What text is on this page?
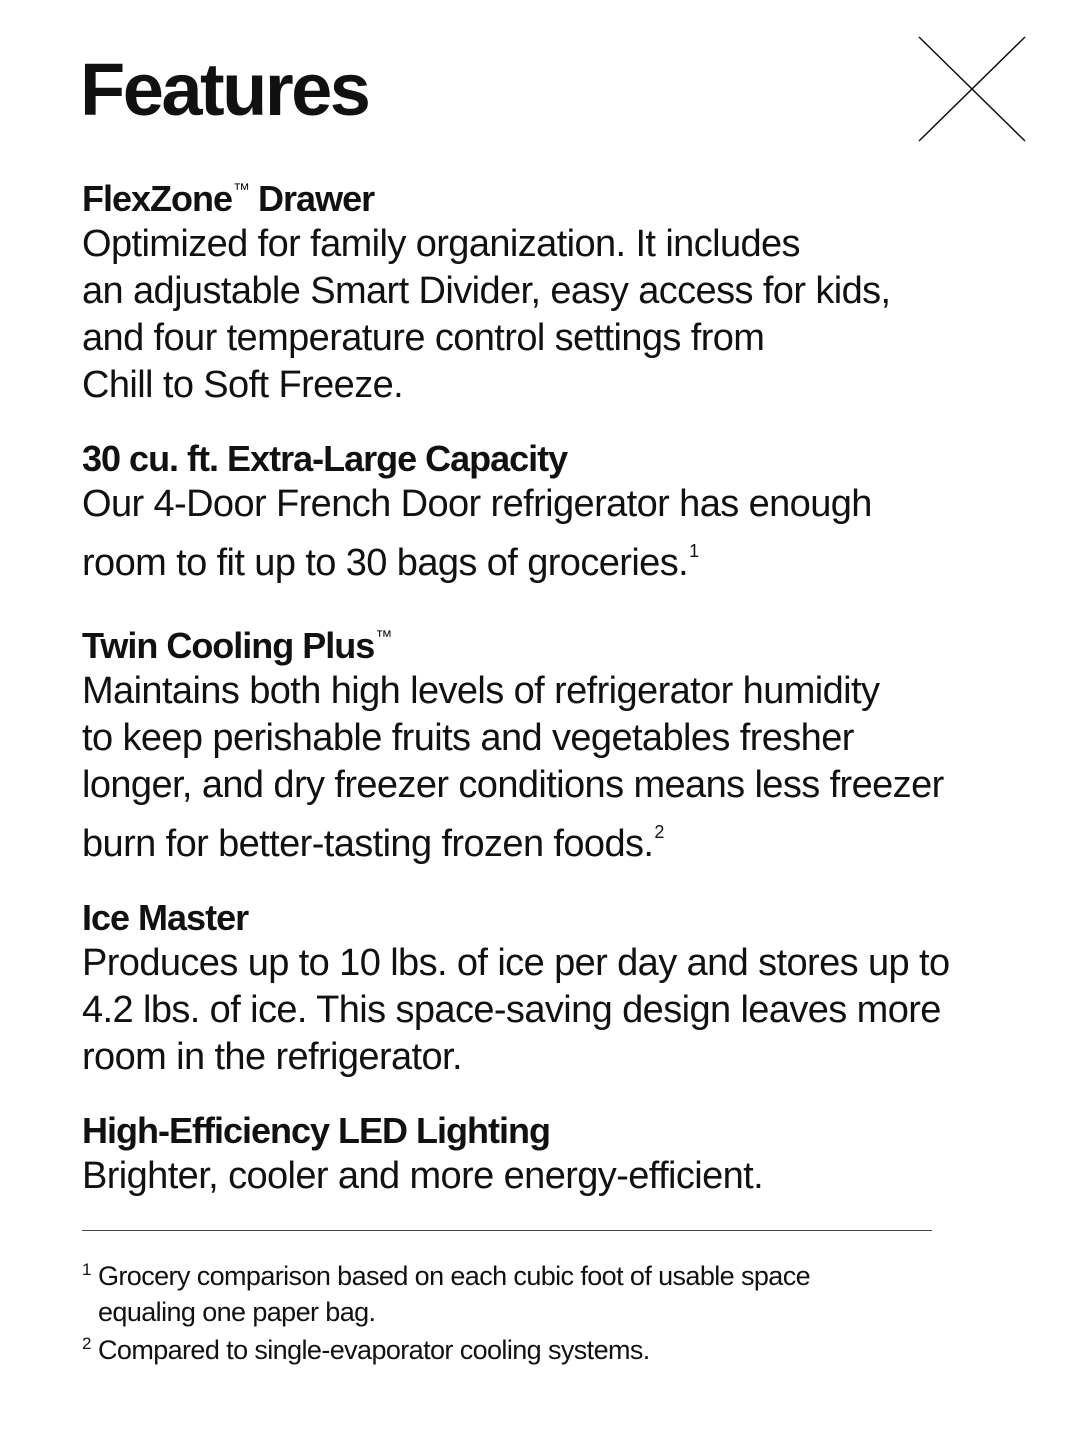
Features
FlexZone™ Drawer

Optimized for family organization. It includes
an adjustable Smart Divider, easy access for kids,
and four temperature control settings from
Chill to Soft Freeze.

30 cu. ft. Extra-Large Capacity

Our 4-Door French Door refrigerator has enough
room to fit up to 30 bags of groceries.$^1$

Twin Cooling Plus™

Maintains both high levels of refrigerator humidity
to keep perishable fruits and vegetables fresher
longer, and dry freezer conditions means less freezer
burn for better-tasting frozen foods.$^2$

Ice Master

Produces up to 10 lbs. of ice per day and stores up to
4.2 lbs. of ice. This space-saving design leaves more
room in the refrigerator.

High-Efficiency LED Lighting

Brighter, cooler and more energy-efficient.

1 Grocery comparison based on each cubic foot of usable space
equaling one paper bag.

2 Compared to single-evaporator cooling systems.
